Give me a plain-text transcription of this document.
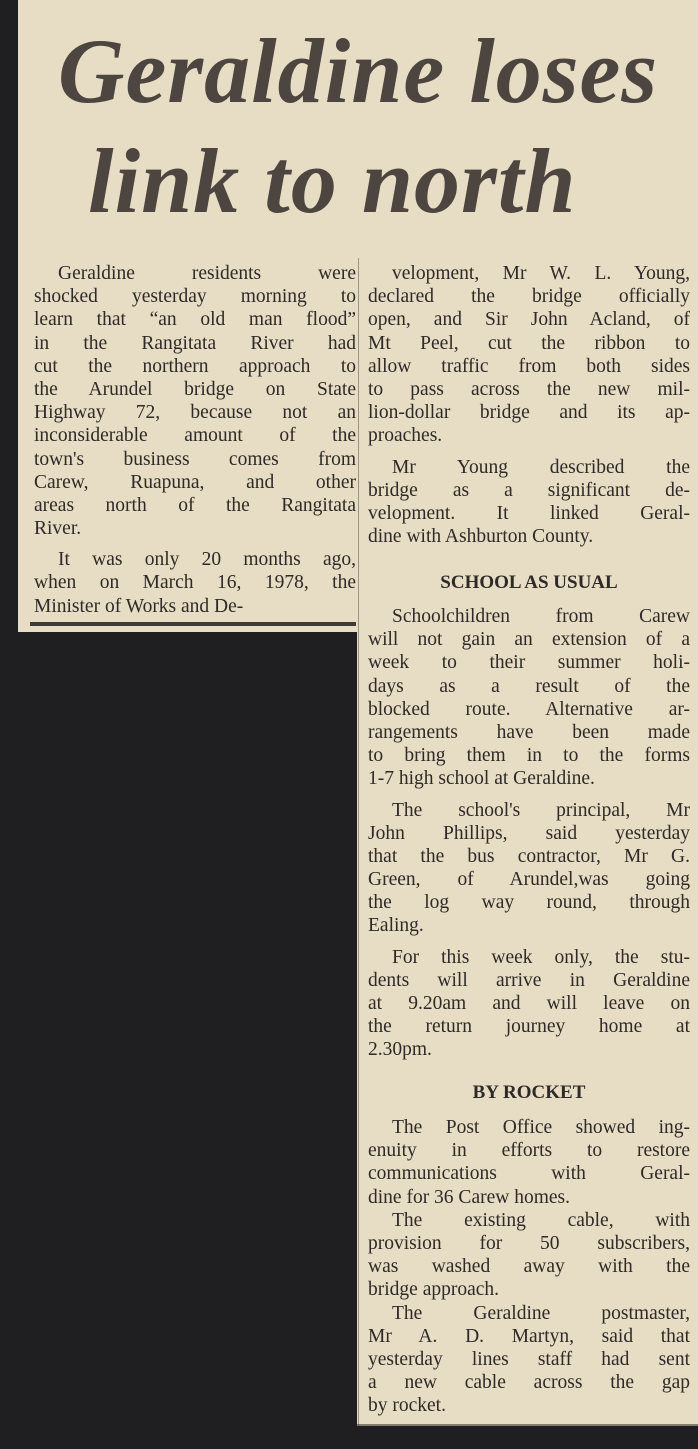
Geraldine loses
link to north
Geraldine residents were
shocked yesterday morning to
learn that “an old man flood”
in the Rangitata River had
cut the northern approach to
the Arundel bridge on State
Highway 72, because not an
inconsiderable amount of the
town's business comes from
Carew, Ruapuna, and other
areas north of the Rangitata
River.
It was only 20 months ago,
when on March 16, 1978, the
Minister of Works and De-
velopment, Mr W. L. Young,
declared the bridge officially
open, and Sir John Acland, of
Mt Peel, cut the ribbon to
allow traffic from both sides
to pass across the new mil-
lion-dollar bridge and its ap-
proaches.
Mr Young described the
bridge as a significant de-
velopment. It linked Geral-
dine with Ashburton County.
SCHOOL AS USUAL
Schoolchildren from Carew
will not gain an extension of a
week to their summer holi-
days as a result of the
blocked route. Alternative ar-
rangements have been made
to bring them in to the forms
1-7 high school at Geraldine.
The school's principal, Mr
John Phillips, said yesterday
that the bus contractor, Mr G.
Green, of Arundel,was going
the log way round, through
Ealing.
For this week only, the stu-
dents will arrive in Geraldine
at 9.20am and will leave on
the return journey home at
2.30pm.
BY ROCKET
The Post Office showed ing-
enuity in efforts to restore
communications with Geral-
dine for 36 Carew homes.
The existing cable, with
provision for 50 subscribers,
was washed away with the
bridge approach.
The Geraldine postmaster,
Mr A. D. Martyn, said that
yesterday lines staff had sent
a new cable across the gap
by rocket.
